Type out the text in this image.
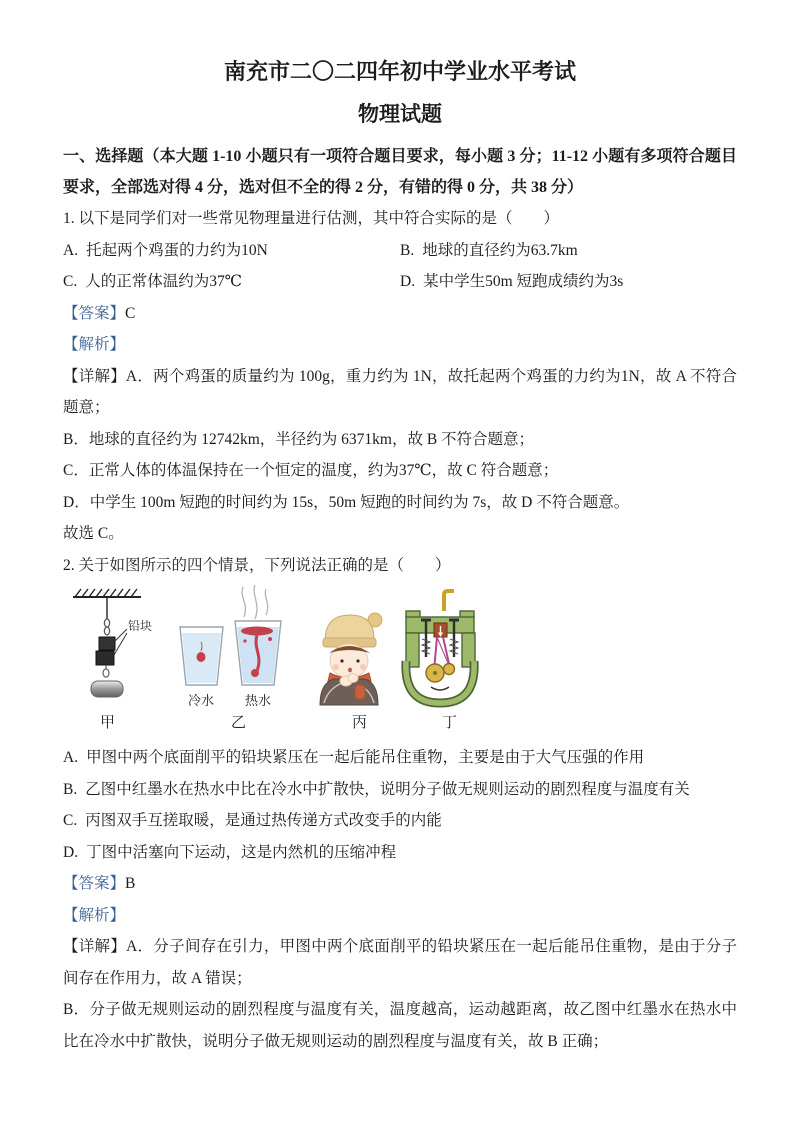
南充市二〇二四年初中学业水平考试
物理试题

一、选择题（本大题 1-10 小题只有一项符合题目要求，每小题 3 分；11-12 小题有多项符合题目要求，全部选对得 4 分，选对但不全的得 2 分，有错的得 0 分，共 38 分）

1. 以下是同学们对一些常见物理量进行估测，其中符合实际的是（　　）

A. 托起两个鸡蛋的力约为10N	B. 地球的直径约为63.7km

C. 人的正常体温约为37℃	D. 某中学生50m 短跑成绩约为3s

【答案】C

【解析】

【详解】A．两个鸡蛋的质量约为 100g，重力约为 1N，故托起两个鸡蛋的力约为1N，故 A 不符合题意；

B．地球的直径约为 12742km，半径约为 6371km，故 B 不符合题意；

C．正常人体的体温保持在一个恒定的温度，约为37℃，故 C 符合题意；

D．中学生 100m 短跑的时间约为 15s，50m 短跑的时间约为 7s，故 D 不符合题意。

故选 C。

2. 关于如图所示的四个情景，下列说法正确的是（　　）

铅块
冷水 热水
甲	乙	丙	丁

A. 甲图中两个底面削平的铅块紧压在一起后能吊住重物，主要是由于大气压强的作用

B. 乙图中红墨水在热水中比在冷水中扩散快，说明分子做无规则运动的剧烈程度与温度有关

C. 丙图双手互搓取暖，是通过热传递方式改变手的内能

D. 丁图中活塞向下运动，这是内然机的压缩冲程

【答案】B

【解析】

【详解】A．分子间存在引力，甲图中两个底面削平的铅块紧压在一起后能吊住重物，是由于分子间存在作用力，故 A 错误；

B．分子做无规则运动的剧烈程度与温度有关，温度越高，运动越距离，故乙图中红墨水在热水中比在冷水中扩散快，说明分子做无规则运动的剧烈程度与温度有关，故 B 正确；
